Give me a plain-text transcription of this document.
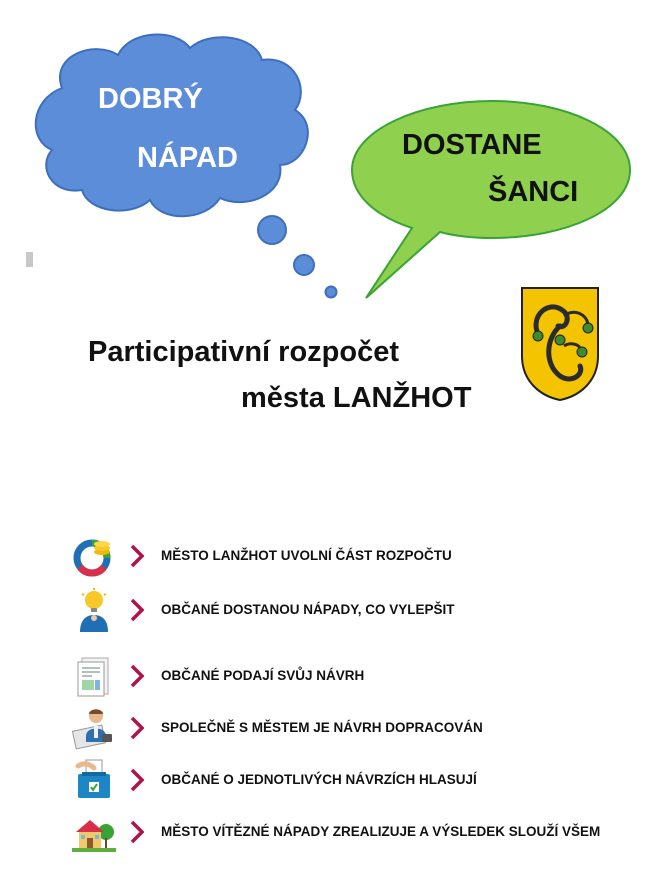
DOBRÝ
NÁPAD	DOSTANE
ŠANCI
Participativní rozpočet
města LANŽHOT
MĚSTO LANŽHOT UVOLNÍ ČÁST ROZPOČTU
OBČANÉ DOSTANOU NÁPADY, CO VYLEPŠIT
OBČANÉ PODAJÍ SVŮJ NÁVRH
SPOLEČNĚ S MĚSTEM JE NÁVRH DOPRACOVÁN
OBČANÉ O JEDNOTLIVÝCH NÁVRZÍCH HLASUJÍ
MĚSTO VÍTĚZNÉ NÁPADY ZREALIZUJE A VÝSLEDEK SLOUŽÍ VŠEM
